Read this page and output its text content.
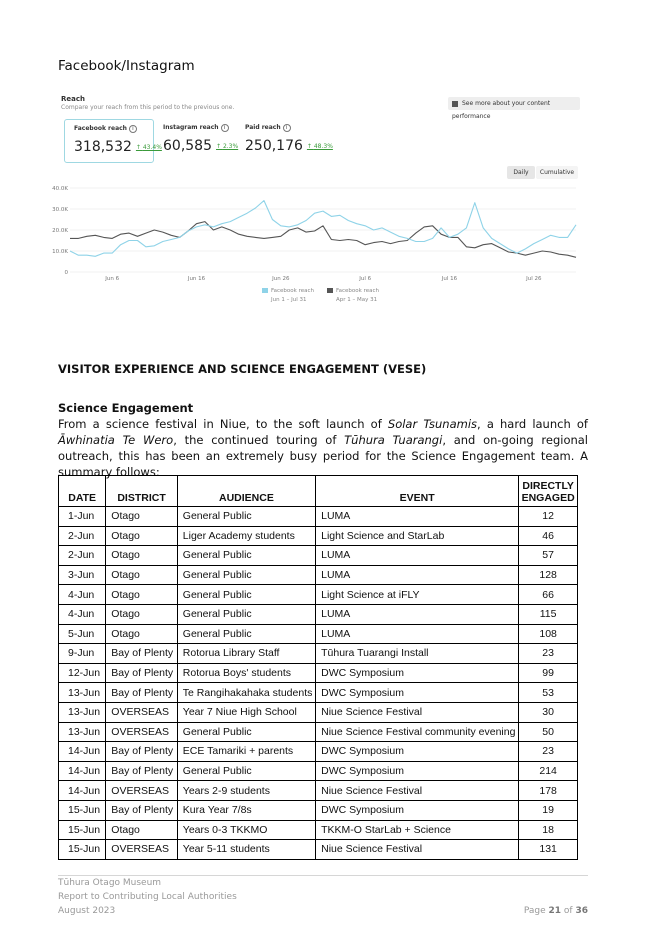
Facebook/Instagram
Reach
Compare your reach from this period to the previous one.
See more about your content performance
Facebook reach i
318,532 ↑ 43.4%
Instagram reach i
60,585 ↑ 2.3%
Paid reach i
250,176 ↑ 48.3%
Daily	Cumulative
0
10.0K
20.0K
30.0K
40.0K
Jun 6	Jun 16	Jun 26	Jul 6	Jul 16	Jul 26
Facebook reach
Jun 1 – Jul 31
Facebook reach
Apr 1 – May 31
VISITOR EXPERIENCE AND SCIENCE ENGAGEMENT (VESE)
Science Engagement
From a science festival in Niue, to the soft launch of Solar Tsunamis, a hard launch of Āwhinatia Te Wero, the continued touring of Tūhura Tuarangi, and on-going regional outreach, this has been an extremely busy period for the Science Engagement team. A summary follows:
DATE	DISTRICT	AUDIENCE	EVENT	DIRECTLY ENGAGED
1-Jun	Otago	General Public	LUMA	12
2-Jun	Otago	Liger Academy students	Light Science and StarLab	46
2-Jun	Otago	General Public	LUMA	57
3-Jun	Otago	General Public	LUMA	128
4-Jun	Otago	General Public	Light Science at iFLY	66
4-Jun	Otago	General Public	LUMA	115
5-Jun	Otago	General Public	LUMA	108
9-Jun	Bay of Plenty	Rotorua Library Staff	Tūhura Tuarangi Install	23
12-Jun	Bay of Plenty	Rotorua Boys' students	DWC Symposium	99
13-Jun	Bay of Plenty	Te Rangihakahaka students	DWC Symposium	53
13-Jun	OVERSEAS	Year 7 Niue High School	Niue Science Festival	30
13-Jun	OVERSEAS	General Public	Niue Science Festival community evening	50
14-Jun	Bay of Plenty	ECE Tamariki + parents	DWC Symposium	23
14-Jun	Bay of Plenty	General Public	DWC Symposium	214
14-Jun	OVERSEAS	Years 2-9 students	Niue Science Festival	178
15-Jun	Bay of Plenty	Kura Year 7/8s	DWC Symposium	19
15-Jun	Otago	Years 0-3 TKKMO	TKKM-O StarLab + Science	18
15-Jun	OVERSEAS	Year 5-11 students	Niue Science Festival	131
Tūhura Otago Museum
Report to Contributing Local Authorities
August 2023	Page 21 of 36
